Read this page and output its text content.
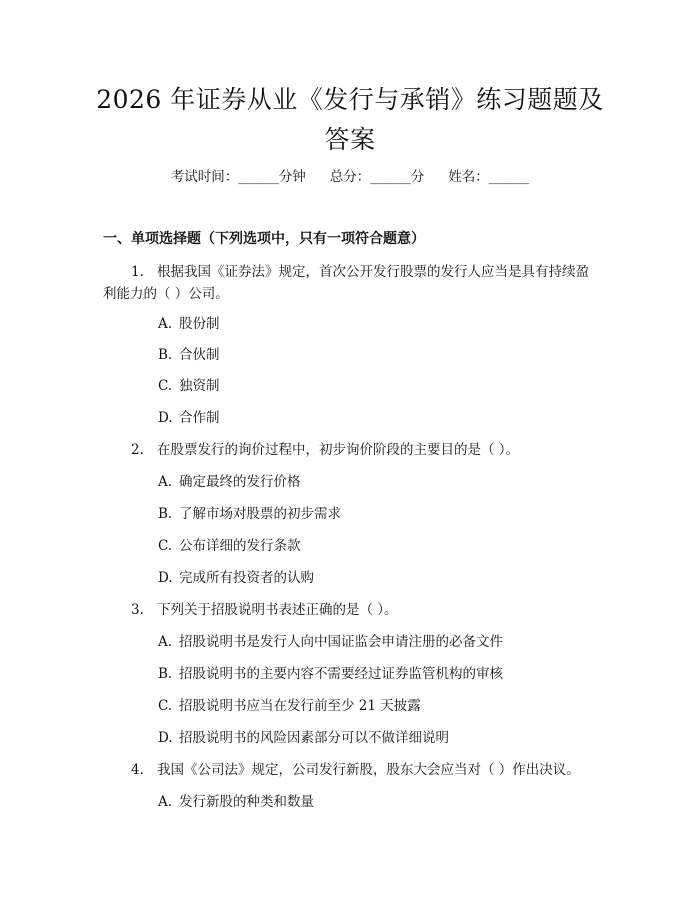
2026 年证券从业《发行与承销》练习题题及答案

考试时间：______分钟 总分：______分 姓名：______

一、单项选择题（下列选项中，只有一项符合题意）

1. 根据我国《证券法》规定，首次公开发行股票的发行人应当是具有持续盈

利能力的（ ）公司。

A. 股份制

B. 合伙制

C. 独资制

D. 合作制

2. 在股票发行的询价过程中，初步询价阶段的主要目的是（ ）。

A. 确定最终的发行价格

B. 了解市场对股票的初步需求

C. 公布详细的发行条款

D. 完成所有投资者的认购

3. 下列关于招股说明书表述正确的是（ ）。

A. 招股说明书是发行人向中国证监会申请注册的必备文件

B. 招股说明书的主要内容不需要经过证券监管机构的审核

C. 招股说明书应当在发行前至少 21 天披露

D. 招股说明书的风险因素部分可以不做详细说明

4. 我国《公司法》规定，公司发行新股，股东大会应当对（ ）作出决议。

A. 发行新股的种类和数量
